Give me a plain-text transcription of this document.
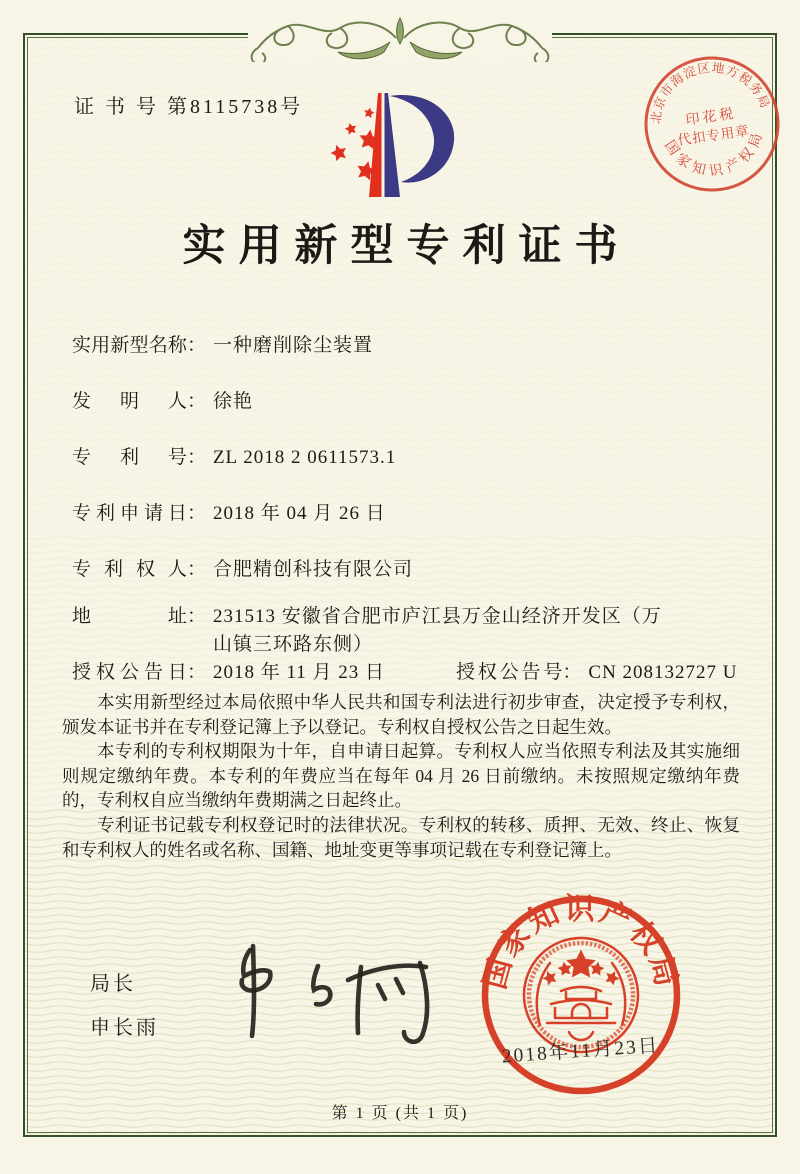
证 书 号 第8115738号	北京市海淀区地方税务局
国家知识产权局
印花税
代扣专用章
实用新型专利证书
实用新型名称 ： 一种磨削除尘装置
发明人 ： 徐艳
专利号 ： ZL 2018 2 0611573.1
专利申请日 ： 2018 年 04 月 26 日
专利权人 ： 合肥精创科技有限公司
地址 ： 231513 安徽省合肥市庐江县万金山经济开发区（万山镇三环路东侧）
授权公告日 ： 2018 年 11 月 23 日	授权公告号 ： CN 208132727 U

本实用新型经过本局依照中华人民共和国专利法进行初步审查，决定授予专利权，颁发本证书并在专利登记簿上予以登记。专利权自授权公告之日起生效。

本专利的专利权期限为十年，自申请日起算。专利权人应当依照专利法及其实施细则规定缴纳年费。本专利的年费应当在每年 04 月 26 日前缴纳。未按照规定缴纳年费的，专利权自应当缴纳年费期满之日起终止。

专利证书记载专利权登记时的法律状况。专利权的转移、质押、无效、终止、恢复和专利权人的姓名或名称、国籍、地址变更等事项记载在专利登记簿上。

局长
申长雨
国家知识产权局
2018年11月23日
第 1 页 (共 1 页)
